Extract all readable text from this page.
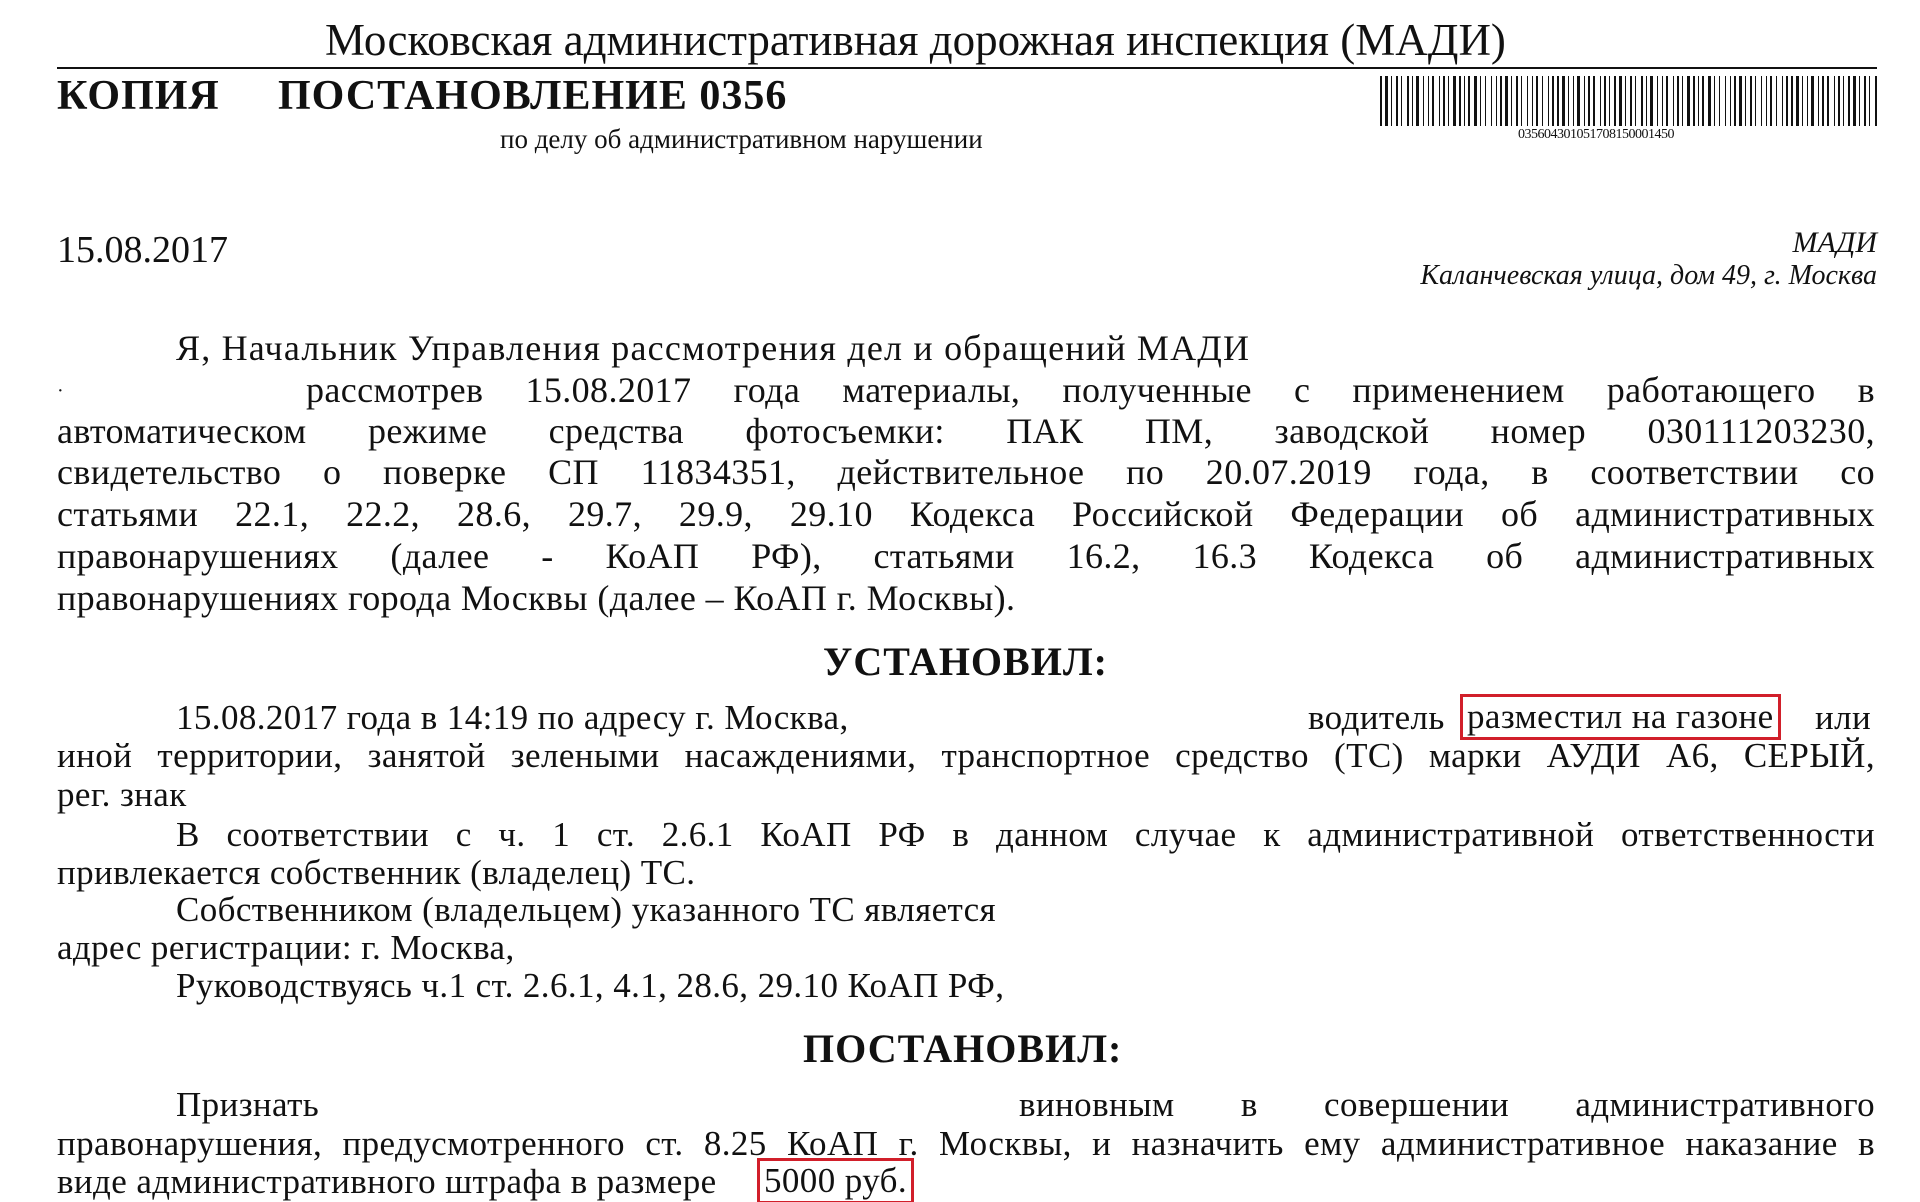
Московская административная дорожная инспекция (МАДИ)
КОПИЯ ПОСТАНОВЛЕНИЕ 0356
по делу об административном нарушении	035604301051708150001450
15.08.2017	МАДИ
Каланчевская улица, дом 49, г. Москва
Я, Начальник Управления рассмотрения дел и обращений МАДИ
·	рассмотрев 15.08.2017 года материалы, полученные с применением работающего в
автоматическом режиме средства фотосъемки: ПАК ПМ, заводской номер 030111203230,
свидетельство о поверке СП 11834351, действительное по 20.07.2019 года, в соответствии со
статьями 22.1, 22.2, 28.6, 29.7, 29.9, 29.10 Кодекса Российской Федерации об административных
правонарушениях (далее - КоАП РФ), статьями 16.2, 16.3 Кодекса об административных
правонарушениях города Москвы (далее – КоАП г. Москвы).
УСТАНОВИЛ:
15.08.2017 года в 14:19 по адресу г. Москва,	водитель разместил на газоне или
иной территории, занятой зелеными насаждениями, транспортное средство (ТС) марки АУДИ А6, СЕРЫЙ,
рег. знак
В соответствии с ч. 1 ст. 2.6.1 КоАП РФ в данном случае к административной ответственности
привлекается собственник (владелец) ТС.
Собственником (владельцем) указанного ТС является
адрес регистрации: г. Москва,
Руководствуясь ч.1 ст. 2.6.1, 4.1, 28.6, 29.10 КоАП РФ,
ПОСТАНОВИЛ:
Признать	виновным в совершении административного
правонарушения, предусмотренного ст. 8.25 КоАП г. Москвы, и назначить ему административное наказание в
виде административного штрафа в размере 5000 руб.
